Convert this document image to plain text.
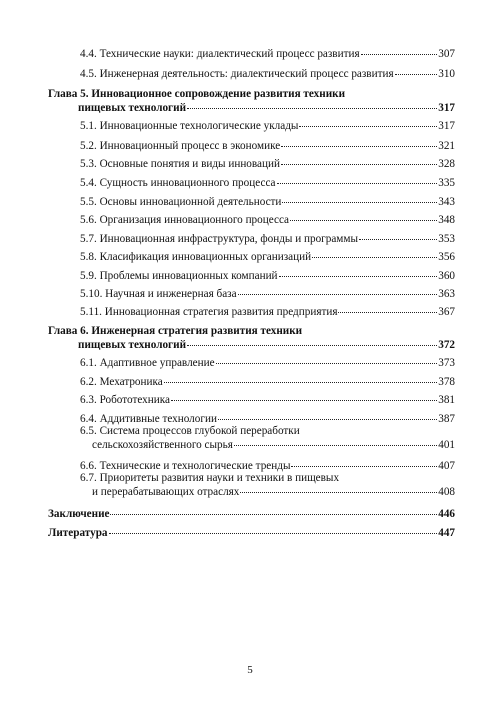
4.4. Технические науки: диалектический процесс развития	307
4.5. Инженерная деятельность: диалектический процесс развития	310
Глава 5. Инновационное сопровождение развития техники
пищевых технологий	317
5.1. Инновационные технологические уклады	317
5.2. Инновационный процесс в экономике	321
5.3. Основные понятия и виды инноваций	328
5.4. Сущность инновационного процесса	335
5.5. Основы инновационной деятельности	343
5.6. Организация инновационного процесса	348
5.7. Инновационная инфраструктура, фонды и программы	353
5.8. Класификация инновационных организаций	356
5.9. Проблемы инновационных компаний	360
5.10. Научная и инженерная база	363
5.11. Инновационная стратегия развития предприятия	367
Глава 6. Инженерная стратегия развития техники
пищевых технологий	372
6.1. Адаптивное управление	373
6.2. Мехатроника	378
6.3. Робототехника	381
6.4. Аддитивные технологии	387
6.5. Система процессов глубокой переработки
сельскохозяйственного сырья	401
6.6. Технические и технологические тренды	407
6.7. Приоритеты развития науки и техники в пищевых
и перерабатывающих отраслях	408
Заключение	446
Литература	447
5
